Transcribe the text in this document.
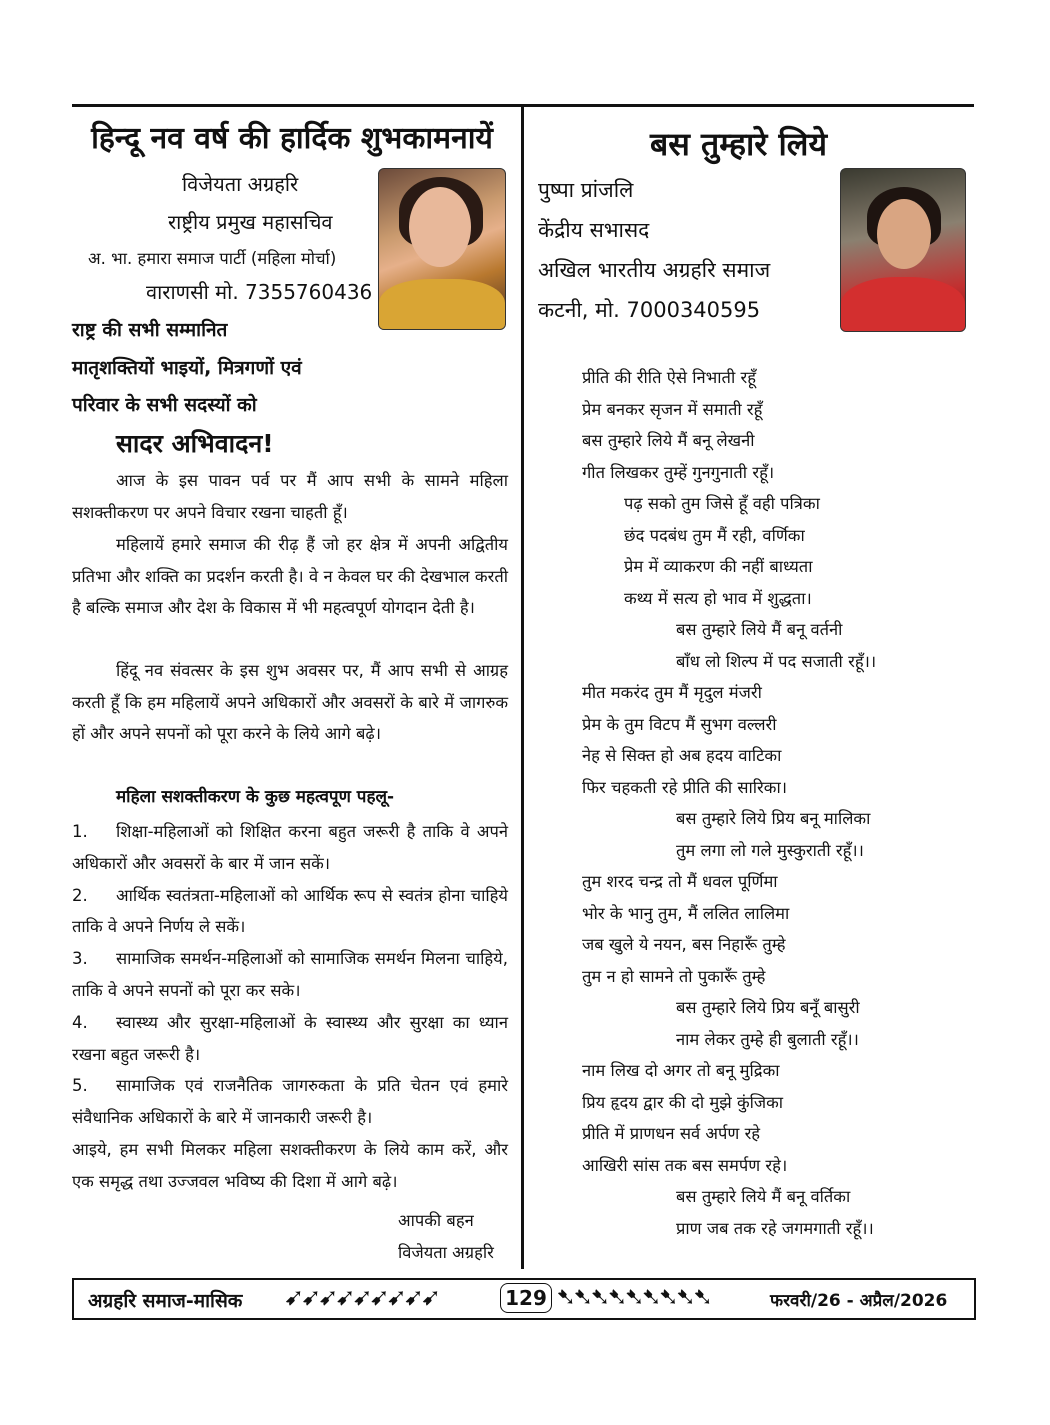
हिन्दू नव वर्ष की हार्दिक शुभकामनायें
विजेयता अग्रहरि
राष्ट्रीय प्रमुख महासचिव
अ. भा. हमारा समाज पार्टी (महिला मोर्चा)
वाराणसी मो. 7355760436
राष्ट्र की सभी सम्मानित
मातृशक्तियों भाइयों, मित्रगणों एवं
परिवार के सभी सदस्यों को
सादर अभिवादन!
आज के इस पावन पर्व पर मैं आप सभी के सामने महिला सशक्तीकरण पर अपने विचार रखना चाहती हूँ।
महिलायें हमारे समाज की रीढ़ हैं जो हर क्षेत्र में अपनी अद्वितीय प्रतिभा और शक्ति का प्रदर्शन करती है। वे न केवल घर की देखभाल करती है बल्कि समाज और देश के विकास में भी महत्वपूर्ण योगदान देती है।
हिंदू नव संवत्सर के इस शुभ अवसर पर, मैं आप सभी से आग्रह करती हूँ कि हम महिलायें अपने अधिकारों और अवसरों के बारे में जागरुक हों और अपने सपनों को पूरा करने के लिये आगे बढ़े।
महिला सशक्तीकरण के कुछ महत्वपूण पहलू-
1. शिक्षा-महिलाओं को शिक्षित करना बहुत जरूरी है ताकि वे अपने अधिकारों और अवसरों के बार में जान सकें।
2. आर्थिक स्वतंत्रता-महिलाओं को आर्थिक रूप से स्वतंत्र होना चाहिये ताकि वे अपने निर्णय ले सकें।
3. सामाजिक समर्थन-महिलाओं को सामाजिक समर्थन मिलना चाहिये, ताकि वे अपने सपनों को पूरा कर सके।
4. स्वास्थ्य और सुरक्षा-महिलाओं के स्वास्थ्य और सुरक्षा का ध्यान रखना बहुत जरूरी है।
5. सामाजिक एवं राजनैतिक जागरुकता के प्रति चेतन एवं हमारे संवैधानिक अधिकारों के बारे में जानकारी जरूरी है।
आइये, हम सभी मिलकर महिला सशक्तीकरण के लिये काम करें, और एक समृद्ध तथा उज्जवल भविष्य की दिशा में आगे बढ़े।
आपकी बहन
विजेयता अग्रहरि
बस तुम्हारे लिये
पुष्पा प्रांजलि
केंद्रीय सभासद
अखिल भारतीय अग्रहरि समाज
कटनी, मो. 7000340595
प्रीति की रीति ऐसे निभाती रहूँ
प्रेम बनकर सृजन में समाती रहूँ
बस तुम्हारे लिये मैं बनू लेखनी
गीत लिखकर तुम्हें गुनगुनाती रहूँ।
पढ़ सको तुम जिसे हूँ वही पत्रिका
छंद पदबंध तुम मैं रही, वर्णिका
प्रेम में व्याकरण की नहीं बाध्यता
कथ्य में सत्य हो भाव में शुद्धता।
बस तुम्हारे लिये मैं बनू वर्तनी
बाँध लो शिल्प में पद सजाती रहूँ।।
मीत मकरंद तुम मैं मृदुल मंजरी
प्रेम के तुम विटप मैं सुभग वल्लरी
नेह से सिक्त हो अब हदय वाटिका
फिर चहकती रहे प्रीति की सारिका।
बस तुम्हारे लिये प्रिय बनू मालिका
तुम लगा लो गले मुस्कुराती रहूँ।।
तुम शरद चन्द्र तो मैं धवल पूर्णिमा
भोर के भानु तुम, मैं ललित लालिमा
जब खुले ये नयन, बस निहारूँ तुम्हे
तुम न हो सामने तो पुकारूँ तुम्हे
बस तुम्हारे लिये प्रिय बनूँ बासुरी
नाम लेकर तुम्हे ही बुलाती रहूँ।।
नाम लिख दो अगर तो बनू मुद्रिका
प्रिय हृदय द्वार की दो मुझे कुंजिका
प्रीति में प्राणधन सर्व अर्पण रहे
आखिरी सांस तक बस समर्पण रहे।
बस तुम्हारे लिये मैं बनू वर्तिका
प्राण जब तक रहे जगमगाती रहूँ।।
अग्रहरि समाज-मासिक ➹➹➹➹➹➹➹➹➹	129 ➷➷➷➷➷➷➷➷➷	फरवरी/26 - अप्रैल/2026
